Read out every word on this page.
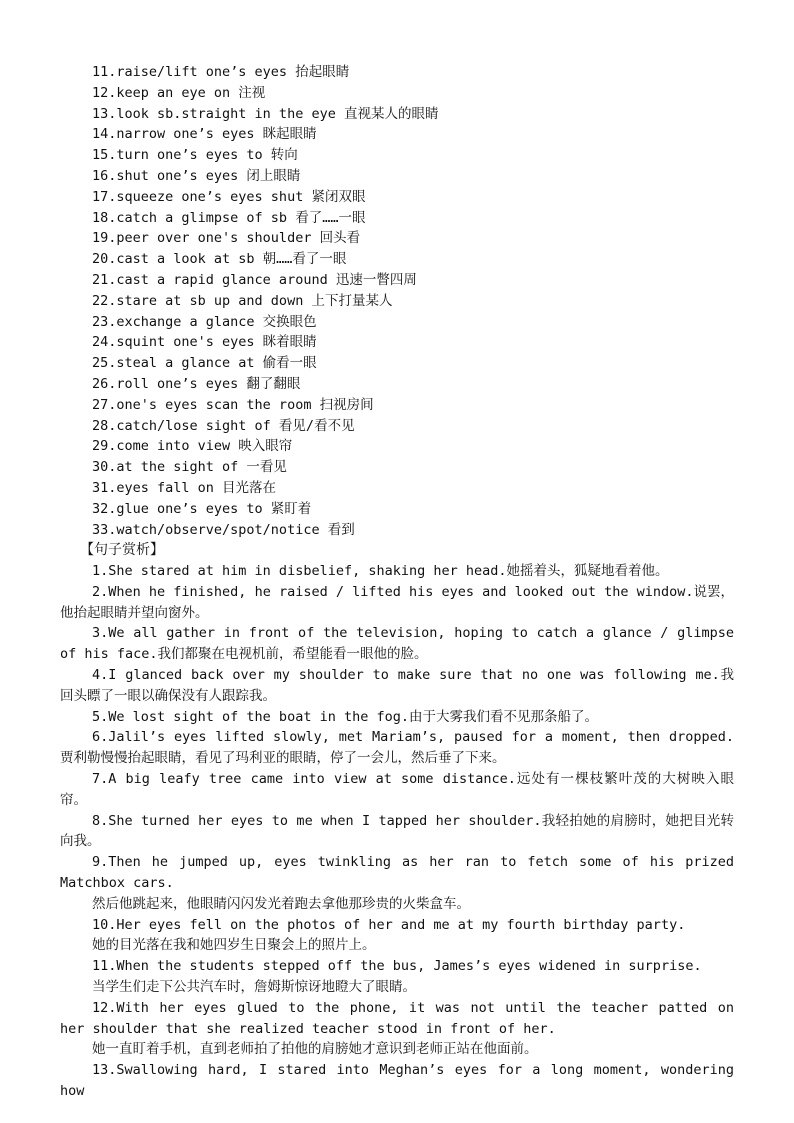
11.raise/lift one’s eyes 抬起眼睛
12.keep an eye on 注视
13.look sb.straight in the eye 直视某人的眼睛
14.narrow one’s eyes 眯起眼睛
15.turn one’s eyes to 转向
16.shut one’s eyes 闭上眼睛
17.squeeze one’s eyes shut 紧闭双眼
18.catch a glimpse of sb 看了……一眼
19.peer over one's shoulder 回头看
20.cast a look at sb 朝……看了一眼
21.cast a rapid glance around 迅速一瞥四周
22.stare at sb up and down 上下打量某人
23.exchange a glance 交换眼色
24.squint one's eyes 眯着眼睛
25.steal a glance at 偷看一眼
26.roll one’s eyes 翻了翻眼
27.one's eyes scan the room 扫视房间
28.catch/lose sight of 看见/看不见
29.come into view 映入眼帘
30.at the sight of 一看见
31.eyes fall on 目光落在
32.glue one’s eyes to 紧盯着
33.watch/observe/spot/notice 看到
【句子赏析】

1.She stared at him in disbelief, shaking her head.她摇着头，狐疑地看着他。

2.When he finished, he raised / lifted his eyes and looked out the window.说罢，他抬起眼睛并望向窗外。

3.We all gather in front of the television, hoping to catch a glance / glimpse of his face.我们都聚在电视机前，希望能看一眼他的脸。

4.I glanced back over my shoulder to make sure that no one was following me.我回头瞟了一眼以确保没有人跟踪我。

5.We lost sight of the boat in the fog.由于大雾我们看不见那条船了。

6.Jalil’s eyes lifted slowly, met Mariam’s, paused for a moment, then dropped.贾利勒慢慢抬起眼睛，看见了玛利亚的眼睛，停了一会儿，然后垂了下来。

7.A big leafy tree came into view at some distance.远处有一棵枝繁叶茂的大树映入眼帘。

8.She turned her eyes to me when I tapped her shoulder.我轻拍她的肩膀时，她把目光转向我。

9.Then he jumped up, eyes twinkling as her ran to fetch some of his prized Matchbox cars.

然后他跳起来，他眼睛闪闪发光着跑去拿他那珍贵的火柴盒车。

10.Her eyes fell on the photos of her and me at my fourth birthday party.

她的目光落在我和她四岁生日聚会上的照片上。

11.When the students stepped off the bus, James’s eyes widened in surprise.

当学生们走下公共汽车时，詹姆斯惊讶地瞪大了眼睛。

12.With her eyes glued to the phone, it was not until the teacher patted on her shoulder that she realized teacher stood in front of her.

她一直盯着手机，直到老师拍了拍他的肩膀她才意识到老师正站在他面前。

13.Swallowing hard, I stared into Meghan’s eyes for a long moment, wondering how
